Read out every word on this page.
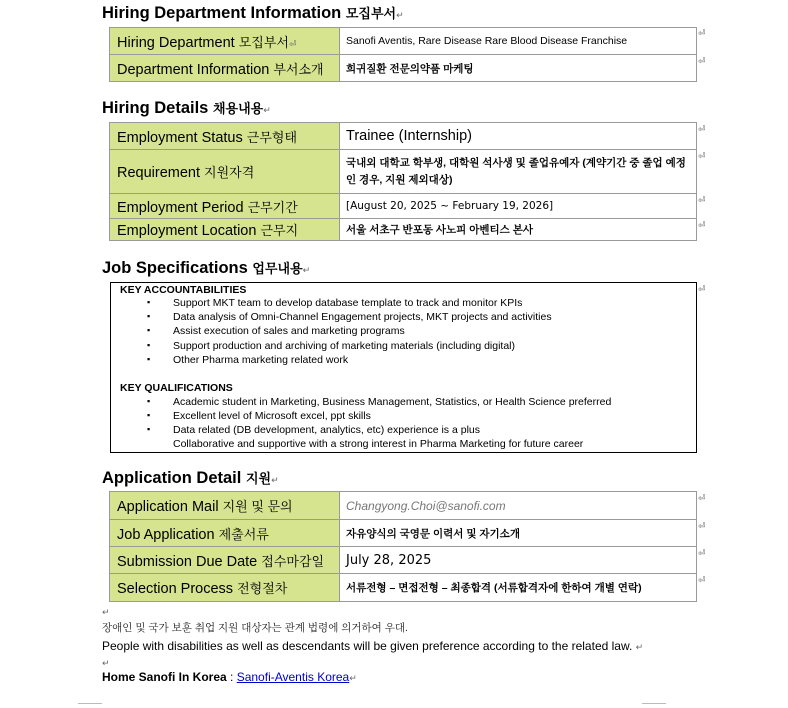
Hiring Department Information 모집부서↵
Hiring Department 모집부서⏎	Sanofi Aventis, Rare Disease Rare Blood Disease Franchise
Department Information 부서소개	희귀질환 전문의약품 마케팅
⏎
⏎
Hiring Details 채용내용↵
Employment Status 근무형태	Trainee (Internship)
Requirement 지원자격	국내외 대학교 학부생, 대학원 석사생 및 졸업유예자 (계약기간 중 졸업 예정인 경우, 지원 제외대상)
Employment Period 근무기간	[August 20, 2025 ~ February 19, 2026]
Employment Location 근무지	서울 서초구 반포동 사노피 아벤티스 본사
⏎
⏎
⏎
⏎
Job Specifications 업무내용↵
KEY ACCOUNTABILITIES
▪ Support MKT team to develop database template to track and monitor KPIs
▪ Data analysis of Omni-Channel Engagement projects, MKT projects and activities
▪ Assist execution of sales and marketing programs
▪ Support production and archiving of marketing materials (including digital)
▪ Other Pharma marketing related work
KEY QUALIFICATIONS
▪ Academic student in Marketing, Business Management, Statistics, or Health Science preferred
▪ Excellent level of Microsoft excel, ppt skills
▪ Data related (DB development, analytics, etc) experience is a plus
Collaborative and supportive with a strong interest in Pharma Marketing for future career
⏎
Application Detail 지원↵
Application Mail 지원 및 문의	Changyong.Choi@sanofi.com
Job Application 제출서류	자유양식의 국영문 이력서 및 자기소개
Submission Due Date 접수마감일	July 28, 2025
Selection Process 전형절차	서류전형 – 면접전형 – 최종합격 (서류합격자에 한하여 개별 연락)
⏎
⏎
⏎
⏎
↵
장애인 및 국가 보훈 취업 지원 대상자는 관계 법령에 의거하여 우대.
People with disabilities as well as descendants will be given preference according to the related law. ↵
↵
Home Sanofi In Korea : Sanofi-Aventis Korea↵
